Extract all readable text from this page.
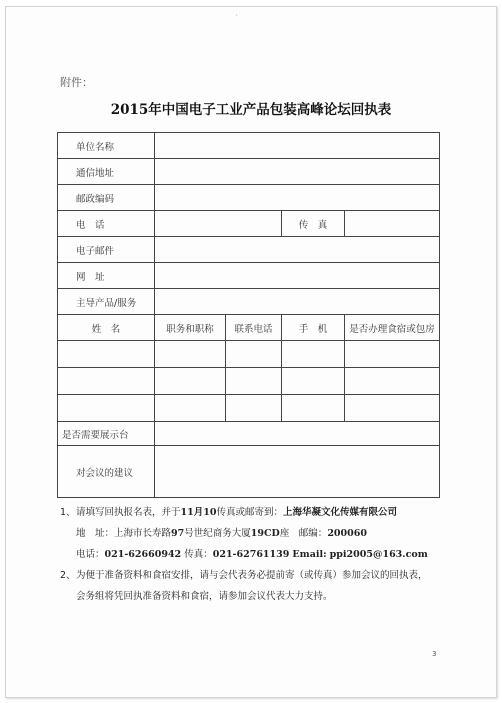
'
附件：
2015年中国电子工业产品包装高峰论坛回执表
单位名称				
通信地址				
邮政编码				
电　话			传　真	
电子邮件				
网　址				
主导产品/服务				
姓　名	职务和职称	联系电话	手　机	是否办理食宿或包房

是否需要展示台				
对会议的建议				

1、请填写回执报名表，并于11月10传真或邮寄到：上海华凝文化传媒有限公司

地　址：上海市长寿路97号世纪商务大厦19CD座　邮编：200060

电话：021-62660942 传真：021-62761139 Email: ppi2005@163.com

2、为便于准备资料和食宿安排，请与会代表务必提前寄（或传真）参加会议的回执表，

会务组将凭回执准备资料和食宿，请参加会议代表大力支持。

3
